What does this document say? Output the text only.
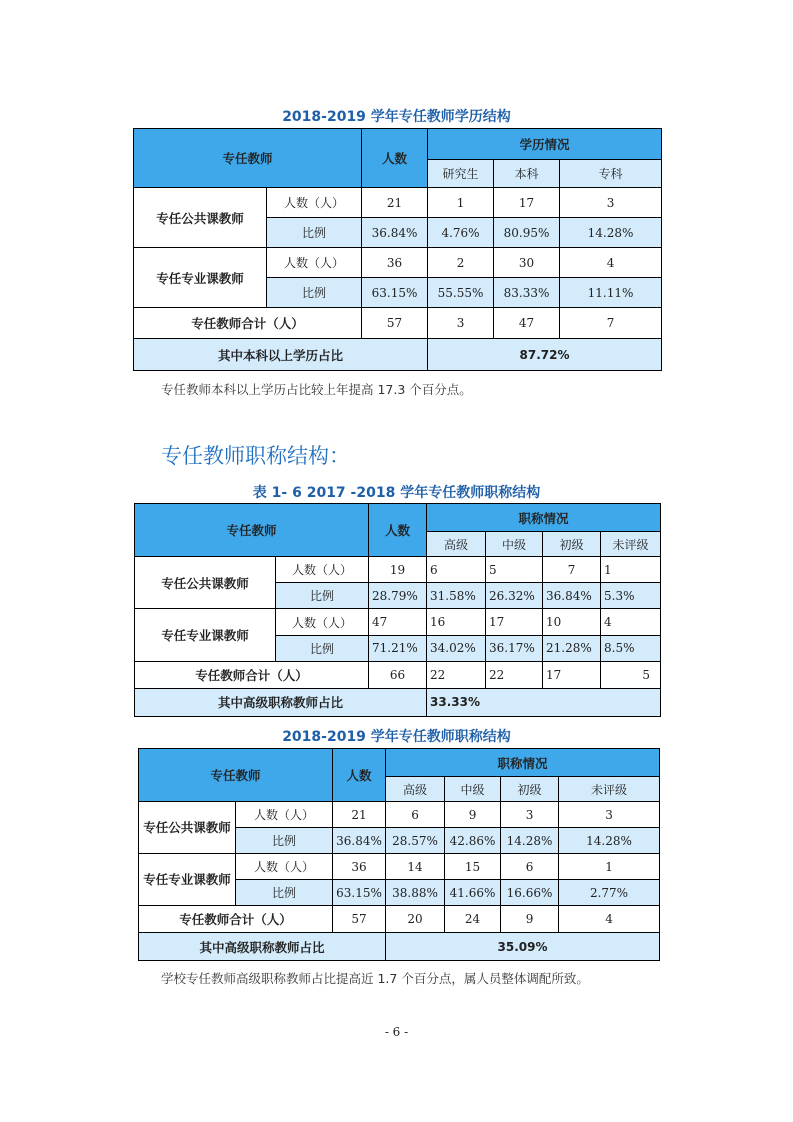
2018-2019 学年专任教师学历结构
专任教师		人数	学历情况		
			研究生	本科	专科
专任公共课教师	人数（人）	21	1	17	3
	比例	36.84%	4.76%	80.95%	14.28%
专任专业课教师	人数（人）	36	2	30	4
	比例	63.15%	55.55%	83.33%	11.11%
专任教师合计（人）		57	3	47	7
其中本科以上学历占比			87.72%		
专任教师本科以上学历占比较上年提高 17.3 个百分点。
专任教师职称结构：
表 1- 6 2017 -2018 学年专任教师职称结构
专任教师		人数	职称情况			
			高级	中级	初级	未评级
专任公共课教师	人数（人）	19	6	5	7	1
	比例	28.79%	31.58%	26.32%	36.84%	5.3%
专任专业课教师	人数（人）	47	16	17	10	4
	比例	71.21%	34.02%	36.17%	21.28%	8.5%
专任教师合计（人）		66	22	22	17	5
其中高级职称教师占比			33.33%			
2018-2019 学年专任教师职称结构
专任教师		人数	职称情况			
			高级	中级	初级	未评级
专任公共课教师	人数（人）	21	6	9	3	3
	比例	36.84%	28.57%	42.86%	14.28%	14.28%
专任专业课教师	人数（人）	36	14	15	6	1
	比例	63.15%	38.88%	41.66%	16.66%	2.77%
专任教师合计（人）		57	20	24	9	4
其中高级职称教师占比			35.09%			
学校专任教师高级职称教师占比提高近 1.7 个百分点，属人员整体调配所致。
- 6 -
